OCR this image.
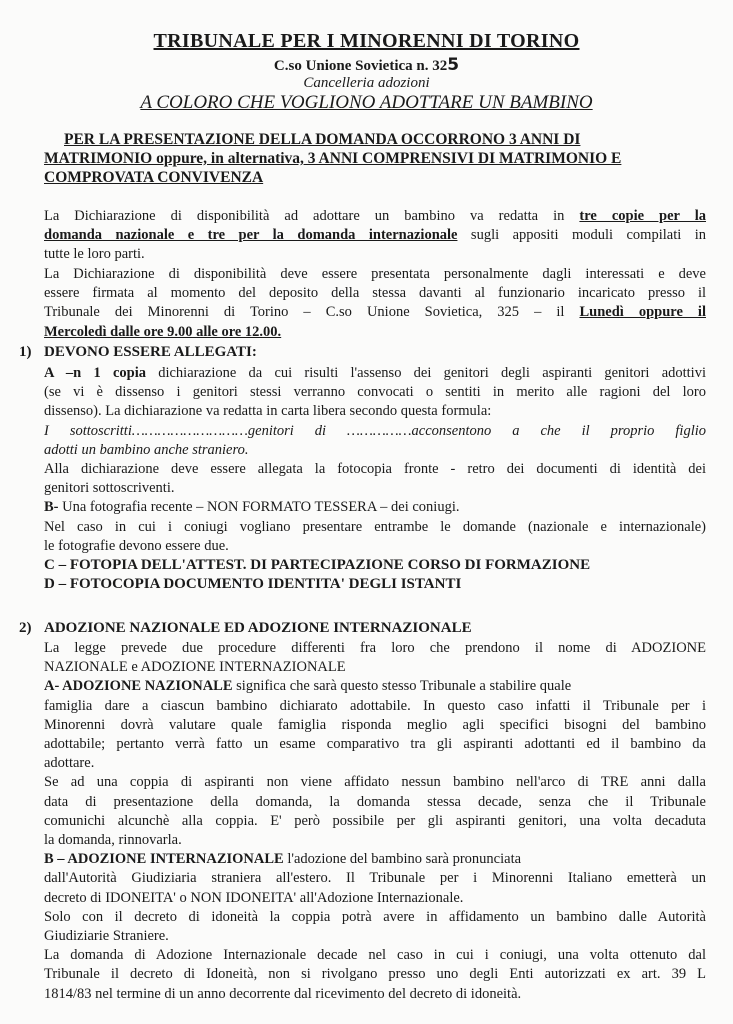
TRIBUNALE PER I MINORENNI DI TORINO
C.so Unione Sovietica n. 325
Cancelleria adozioni
A COLORO CHE VOGLIONO ADOTTARE UN BAMBINO
PER LA PRESENTAZIONE DELLA DOMANDA OCCORRONO 3 ANNI DI
MATRIMONIO oppure, in alternativa, 3 ANNI COMPRENSIVI DI MATRIMONIO E
COMPROVATA CONVIVENZA
La Dichiarazione di disponibilità ad adottare un bambino va redatta in tre copie per la
domanda nazionale e tre per la domanda internazionale sugli appositi moduli compilati in
tutte le loro parti.
La Dichiarazione di disponibilità deve essere presentata personalmente dagli interessati e deve
essere firmata al momento del deposito della stessa davanti al funzionario incaricato presso il
Tribunale dei Minorenni di Torino – C.so Unione Sovietica, 325 – il Lunedì oppure il
Mercoledì dalle ore 9.00 alle ore 12.00.
1) DEVONO ESSERE ALLEGATI:
A –n 1 copia dichiarazione da cui risulti l'assenso dei genitori degli aspiranti genitori adottivi
(se vi è dissenso i genitori stessi verranno convocati o sentiti in merito alle ragioni del loro
dissenso). La dichiarazione va redatta in carta libera secondo questa formula:
I sottoscritti………………………genitori di ……………acconsentono a che il proprio figlio
adotti un bambino anche straniero.
Alla dichiarazione deve essere allegata la fotocopia fronte - retro dei documenti di identità dei
genitori sottoscriventi.
B- Una fotografia recente – NON FORMATO TESSERA – dei coniugi.
Nel caso in cui i coniugi vogliano presentare entrambe le domande (nazionale e internazionale)
le fotografie devono essere due.
C – FOTOPIA DELL'ATTEST. DI PARTECIPAZIONE CORSO DI FORMAZIONE
D – FOTOCOPIA DOCUMENTO IDENTITA' DEGLI ISTANTI
2) ADOZIONE NAZIONALE ED ADOZIONE INTERNAZIONALE
La legge prevede due procedure differenti fra loro che prendono il nome di ADOZIONE
NAZIONALE e ADOZIONE INTERNAZIONALE
A- ADOZIONE NAZIONALE significa che sarà questo stesso Tribunale a stabilire quale
famiglia dare a ciascun bambino dichiarato adottabile. In questo caso infatti il Tribunale per i
Minorenni dovrà valutare quale famiglia risponda meglio agli specifici bisogni del bambino
adottabile; pertanto verrà fatto un esame comparativo tra gli aspiranti adottanti ed il bambino da
adottare.
Se ad una coppia di aspiranti non viene affidato nessun bambino nell'arco di TRE anni dalla
data di presentazione della domanda, la domanda stessa decade, senza che il Tribunale
comunichi alcunchè alla coppia. E' però possibile per gli aspiranti genitori, una volta decaduta
la domanda, rinnovarla.
B – ADOZIONE INTERNAZIONALE l'adozione del bambino sarà pronunciata
dall'Autorità Giudiziaria straniera all'estero. Il Tribunale per i Minorenni Italiano emetterà un
decreto di IDONEITA' o NON IDONEITA' all'Adozione Internazionale.
Solo con il decreto di idoneità la coppia potrà avere in affidamento un bambino dalle Autorità
Giudiziarie Straniere.
La domanda di Adozione Internazionale decade nel caso in cui i coniugi, una volta ottenuto dal
Tribunale il decreto di Idoneità, non si rivolgano presso uno degli Enti autorizzati ex art. 39 L
1814/83 nel termine di un anno decorrente dal ricevimento del decreto di idoneità.
